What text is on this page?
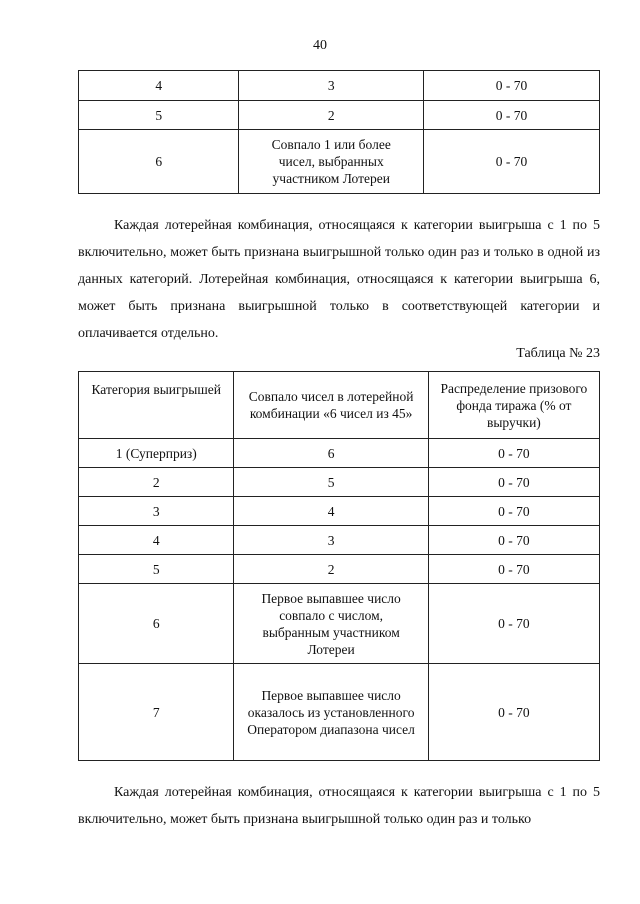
40
4	3	0 - 70
5	2	0 - 70
6	Совпало 1 или более чисел, выбранных участником Лотереи	0 - 70
Каждая лотерейная комбинация, относящаяся к категории выигрыша с 1 по 5 включительно, может быть признана выигрышной только один раз и только в одной из данных категорий. Лотерейная комбинация, относящаяся к категории выигрыша 6, может быть признана выигрышной только в соответствующей категории и оплачивается отдельно.
Таблица № 23
Категория выигрышей	Совпало чисел в лотерейной комбинации «6 чисел из 45»	Распределение призового фонда тиража (% от выручки)
1 (Суперприз)	6	0 - 70
2	5	0 - 70
3	4	0 - 70
4	3	0 - 70
5	2	0 - 70
6	Первое выпавшее число совпало с числом, выбранным участником Лотереи	0 - 70
7	Первое выпавшее число оказалось из установленного Оператором диапазона чисел	0 - 70
Каждая лотерейная комбинация, относящаяся к категории выигрыша с 1 по 5 включительно, может быть признана выигрышной только один раз и только
